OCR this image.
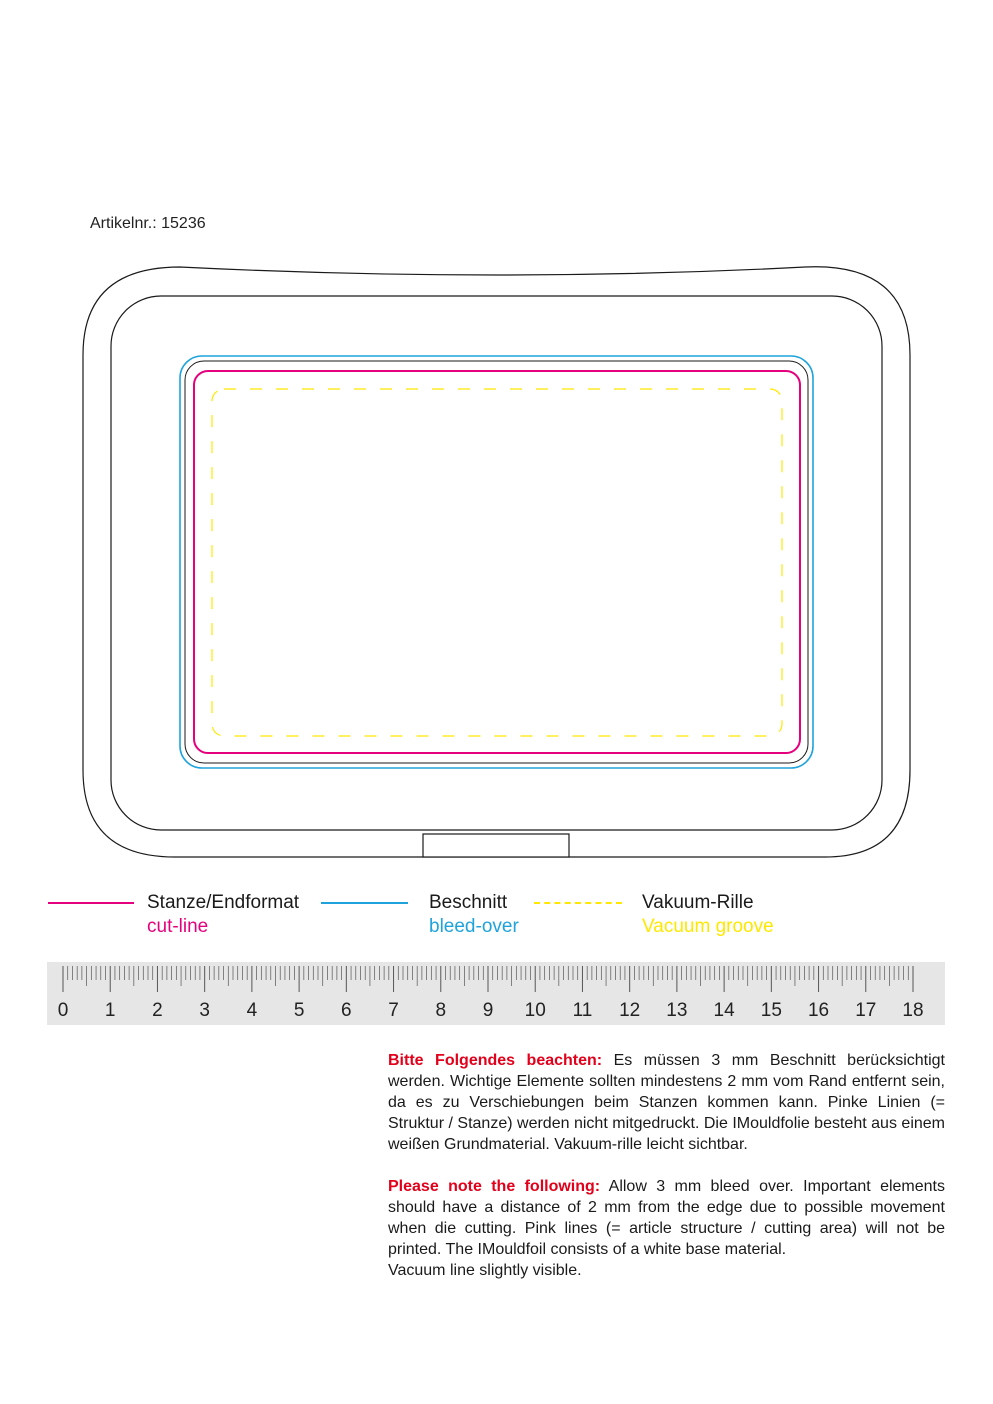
Artikelnr.: 15236
Stanze/Endformat
cut-line
Beschnitt
bleed-over
Vakuum-Rille
Vacuum groove
0 1 2 3 4 5 6 7 8 9 10 11 12 13 14 15 16 17 18
Bitte Folgendes beachten: Es müssen 3 mm Beschnitt berücksichtigt werden. Wichtige Elemente sollten mindestens 2 mm vom Rand entfernt sein, da es zu Verschiebungen beim Stanzen kommen kann. Pinke Linien (= Struktur / Stanze) werden nicht mitgedruckt. Die IMouldfolie besteht aus einem weißen Grundmaterial. Vakuum-rille leicht sichtbar.
Please note the following: Allow 3 mm bleed over. Important elements should have a distance of 2 mm from the edge due to possible movement when die cutting. Pink lines (= article structure / cutting area) will not be printed. The IMouldfoil consists of a white base material.
Vacuum line slightly visible.
